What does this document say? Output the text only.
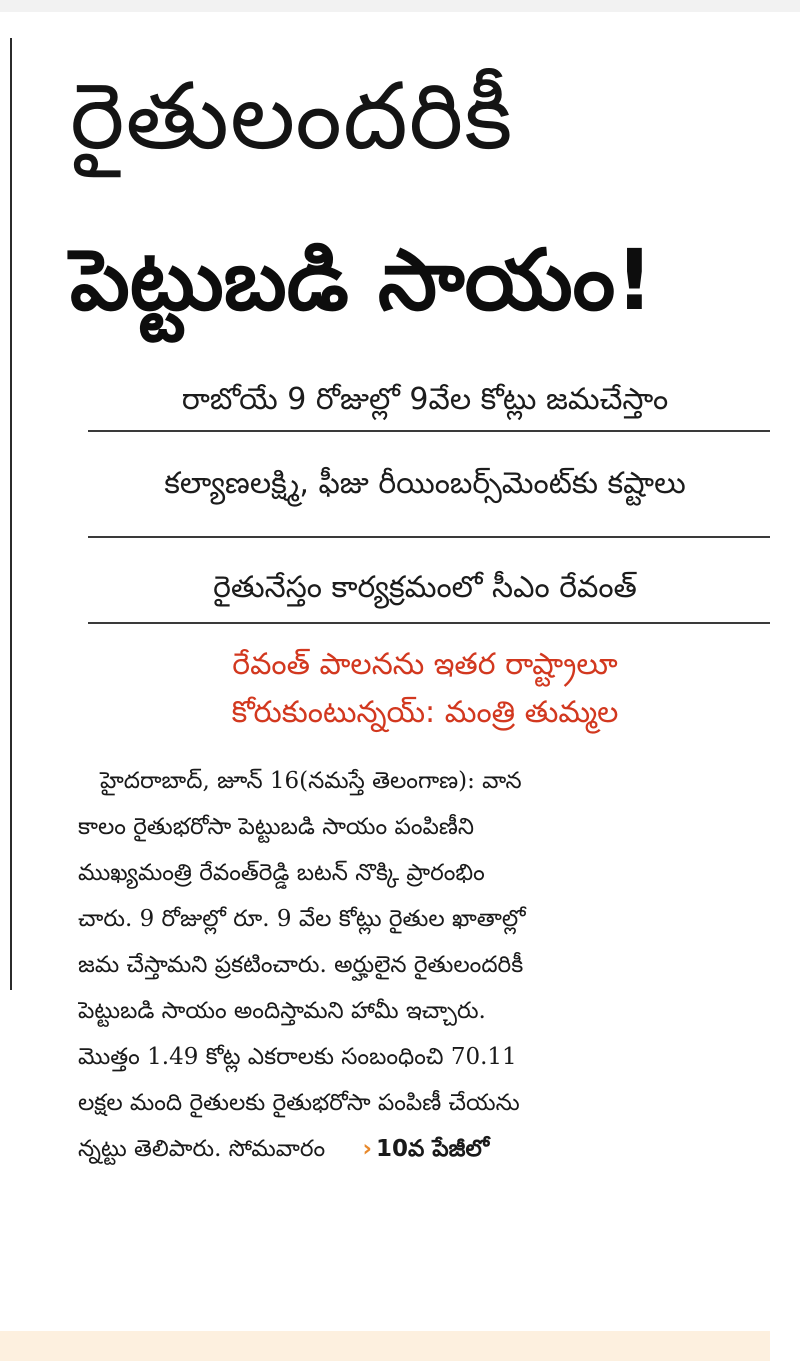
రైతులందరికీ
పెట్టుబడి సాయం!
రాబోయే 9 రోజుల్లో 9వేల కోట్లు జమచేస్తాం
కల్యాణలక్ష్మి, ఫీజు రీయింబర్స్‌మెంట్‌కు కష్టాలు
రైతునేస్తం కార్యక్రమంలో సీఎం రేవంత్
రేవంత్ పాలనను ఇతర రాష్ట్రాలూ
కోరుకుంటున్నయ్: మంత్రి తుమ్మల
హైదరాబాద్, జూన్ 16(నమస్తే తెలంగాణ): వాన
కాలం రైతుభరోసా పెట్టుబడి సాయం పంపిణీని
ముఖ్యమంత్రి రేవంత్‌రెడ్డి బటన్ నొక్కి ప్రారంభిం
చారు. 9 రోజుల్లో రూ. 9 వేల కోట్లు రైతుల ఖాతాల్లో
జమ చేస్తామని ప్రకటించారు. అర్హులైన రైతులందరికీ
పెట్టుబడి సాయం అందిస్తామని హామీ ఇచ్చారు.
మొత్తం 1.49 కోట్ల ఎకరాలకు సంబంధించి 70.11
లక్షల మంది రైతులకు రైతుభరోసా పంపిణీ చేయను
న్నట్టు తెలిపారు. సోమవారం › 10వ పేజీలో
